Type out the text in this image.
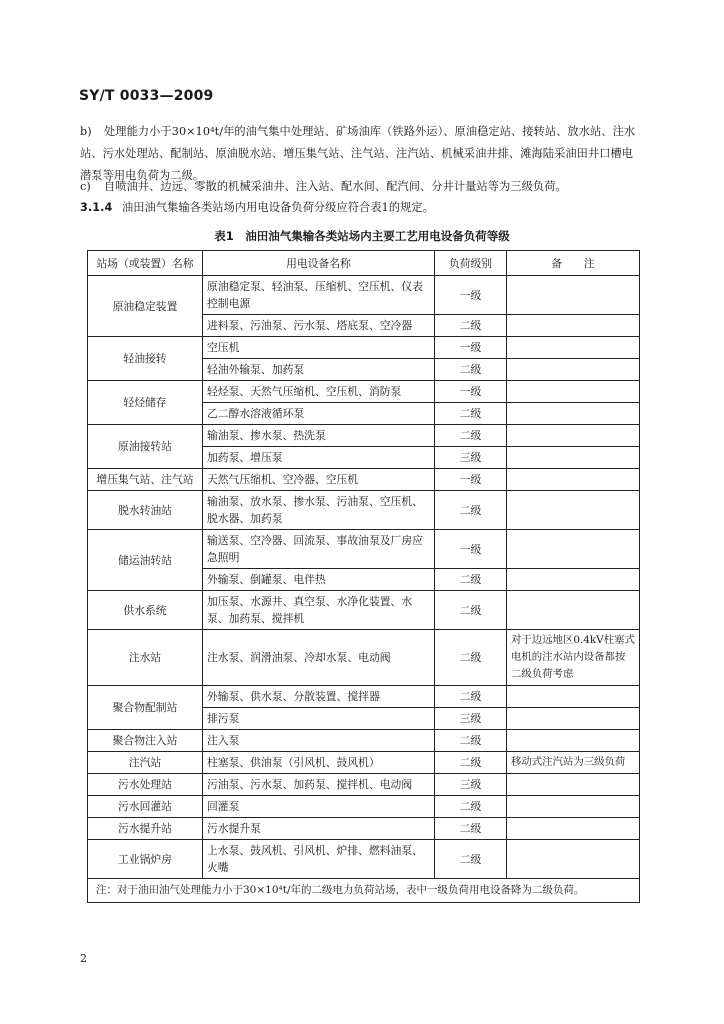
SY/T 0033—2009
b) 处理能力小于30×10⁴t/年的油气集中处理站、矿场油库（铁路外运）、原油稳定站、接转站、放水站、注水站、污水处理站、配制站、原油脱水站、增压集气站、注气站、注汽站、机械采油井排、滩海陆采油田井口槽电潜泵等用电负荷为二级。
c) 自喷油井、边远、零散的机械采油井、注入站、配水间、配汽间、分井计量站等为三级负荷。
3.1.4 油田油气集输各类站场内用电设备负荷分级应符合表1的规定。
表1　油田油气集输各类站场内主要工艺用电设备负荷等级
站场（或装置）名称	用电设备名称	负荷级别	备　　注
原油稳定装置	原油稳定泵、轻油泵、压缩机、空压机、仪表控制电源	一级	
	进料泵、污油泵、污水泵、塔底泵、空冷器	二级	
轻油接转	空压机	一级	
	轻油外输泵、加药泵	二级	
轻烃储存	轻烃泵、天然气压缩机、空压机、消防泵	一级	
	乙二醇水溶液循环泵	二级	
原油接转站	输油泵、掺水泵、热洗泵	二级	
	加药泵、增压泵	三级	
增压集气站、注气站	天然气压缩机、空冷器、空压机	一级	
脱水转油站	输油泵、放水泵、掺水泵、污油泵、空压机、脱水器、加药泵	二级	
储运油转站	输送泵、空冷器、回流泵、事故油泵及厂房应急照明	一级	
	外输泵、倒罐泵、电伴热	二级	
供水系统	加压泵、水源井、真空泵、水净化装置、水泵、加药泵、搅拌机	二级	
注水站	注水泵、润滑油泵、冷却水泵、电动阀	二级	对于边远地区0.4kV柱塞式电机的注水站内设备都按二级负荷考虑
聚合物配制站	外输泵、供水泵、分散装置、搅拌器	二级	
	排污泵	三级	
聚合物注入站	注入泵	二级	
注汽站	柱塞泵、供油泵（引风机、鼓风机）	二级	移动式注汽站为三级负荷
污水处理站	污油泵、污水泵、加药泵、搅拌机、电动阀	三级	
污水回灌站	回灌泵	二级	
污水提升站	污水提升泵	二级	
工业锅炉房	上水泵、鼓风机、引风机、炉排、燃料油泵、火嘴	二级	
注：对于油田油气处理能力小于30×10⁴t/年的二级电力负荷站场，表中一级负荷用电设备降为二级负荷。			
2
